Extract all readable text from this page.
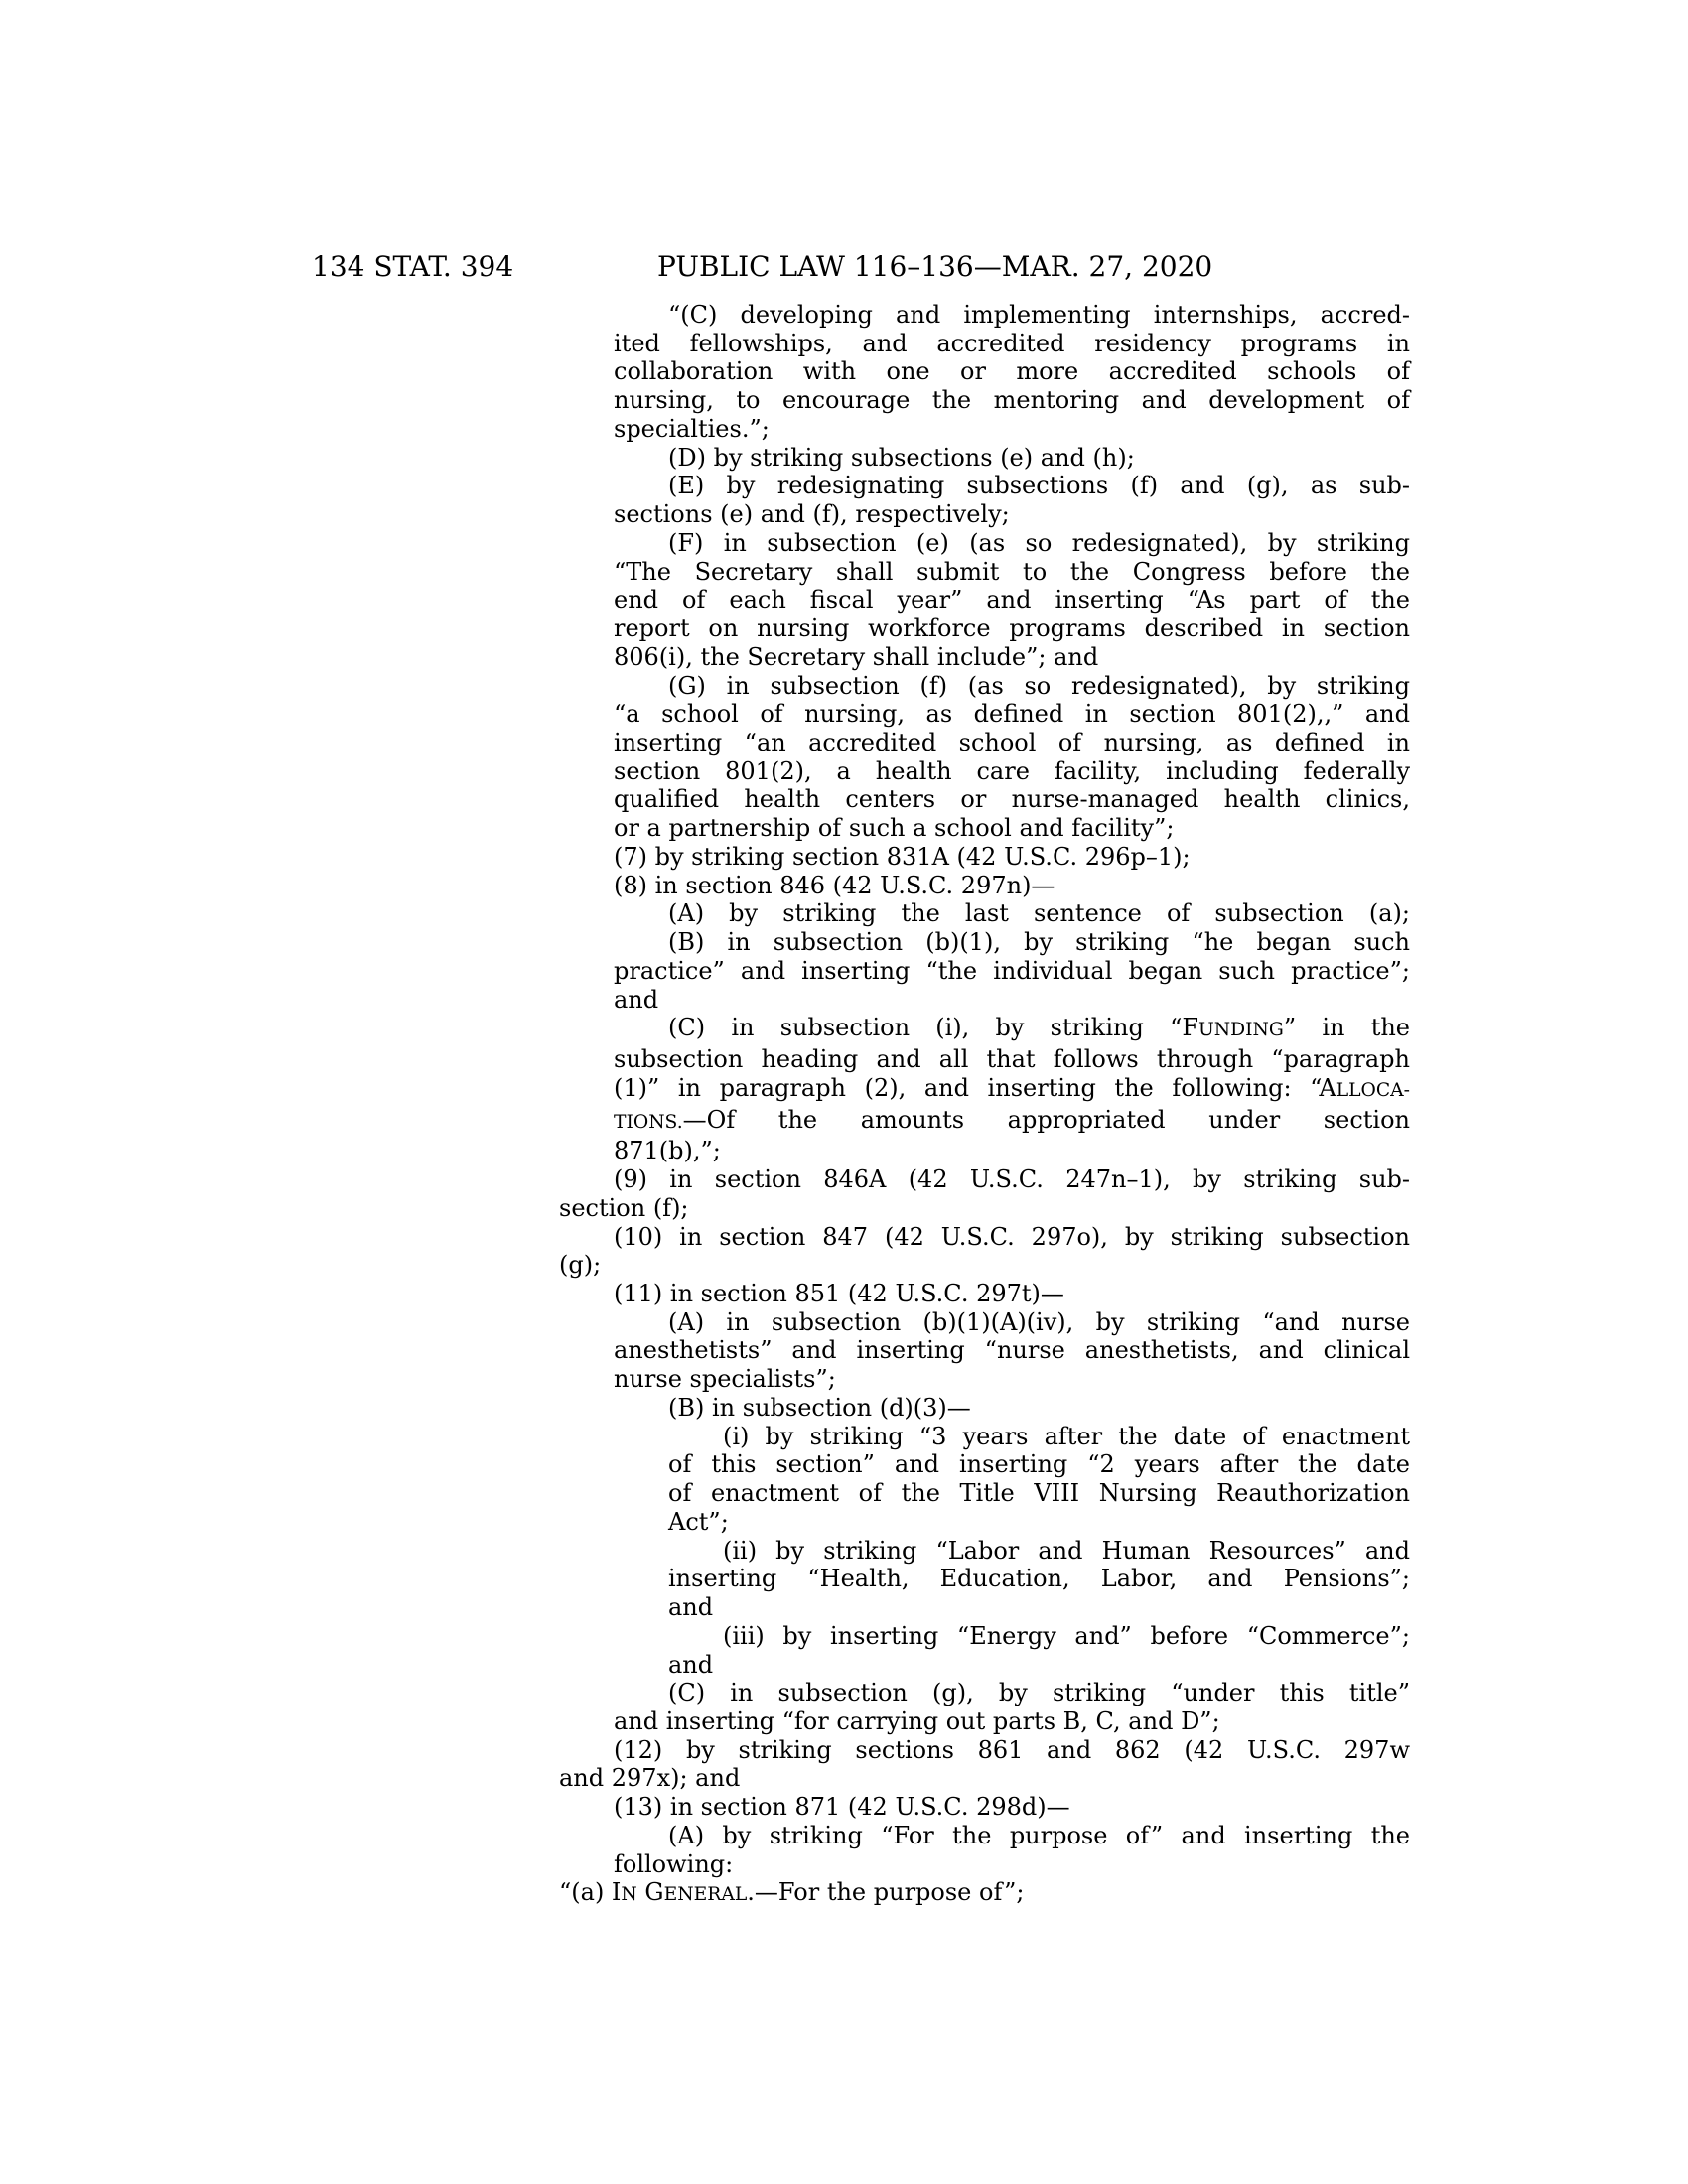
134 STAT. 394	PUBLIC LAW 116–136—MAR. 27, 2020
“(C) developing and implementing internships, accred-
ited fellowships, and accredited residency programs in
collaboration with one or more accredited schools of
nursing, to encourage the mentoring and development of
specialties.”;
(D) by striking subsections (e) and (h);
(E) by redesignating subsections (f) and (g), as sub-
sections (e) and (f), respectively;
(F) in subsection (e) (as so redesignated), by striking
“The Secretary shall submit to the Congress before the
end of each fiscal year” and inserting “As part of the
report on nursing workforce programs described in section
806(i), the Secretary shall include”; and
(G) in subsection (f) (as so redesignated), by striking
“a school of nursing, as defined in section 801(2),,” and
inserting “an accredited school of nursing, as defined in
section 801(2), a health care facility, including federally
qualified health centers or nurse-managed health clinics,
or a partnership of such a school and facility”;
(7) by striking section 831A (42 U.S.C. 296p–1);
(8) in section 846 (42 U.S.C. 297n)—
(A) by striking the last sentence of subsection (a);
(B) in subsection (b)(1), by striking “he began such
practice” and inserting “the individual began such practice”;
and
(C) in subsection (i), by striking “FUNDING” in the
subsection heading and all that follows through “paragraph
(1)” in paragraph (2), and inserting the following: “ALLOCA-
TIONS.—Of the amounts appropriated under section
871(b),”;
(9) in section 846A (42 U.S.C. 247n–1), by striking sub-
section (f);
(10) in section 847 (42 U.S.C. 297o), by striking subsection
(g);
(11) in section 851 (42 U.S.C. 297t)—
(A) in subsection (b)(1)(A)(iv), by striking “and nurse
anesthetists” and inserting “nurse anesthetists, and clinical
nurse specialists”;
(B) in subsection (d)(3)—
(i) by striking “3 years after the date of enactment
of this section” and inserting “2 years after the date
of enactment of the Title VIII Nursing Reauthorization
Act”;
(ii) by striking “Labor and Human Resources” and
inserting “Health, Education, Labor, and Pensions”;
and
(iii) by inserting “Energy and” before “Commerce”;
and
(C) in subsection (g), by striking “under this title”
and inserting “for carrying out parts B, C, and D”;
(12) by striking sections 861 and 862 (42 U.S.C. 297w
and 297x); and
(13) in section 871 (42 U.S.C. 298d)—
(A) by striking “For the purpose of” and inserting the
following:
“(a) IN GENERAL.—For the purpose of”;
